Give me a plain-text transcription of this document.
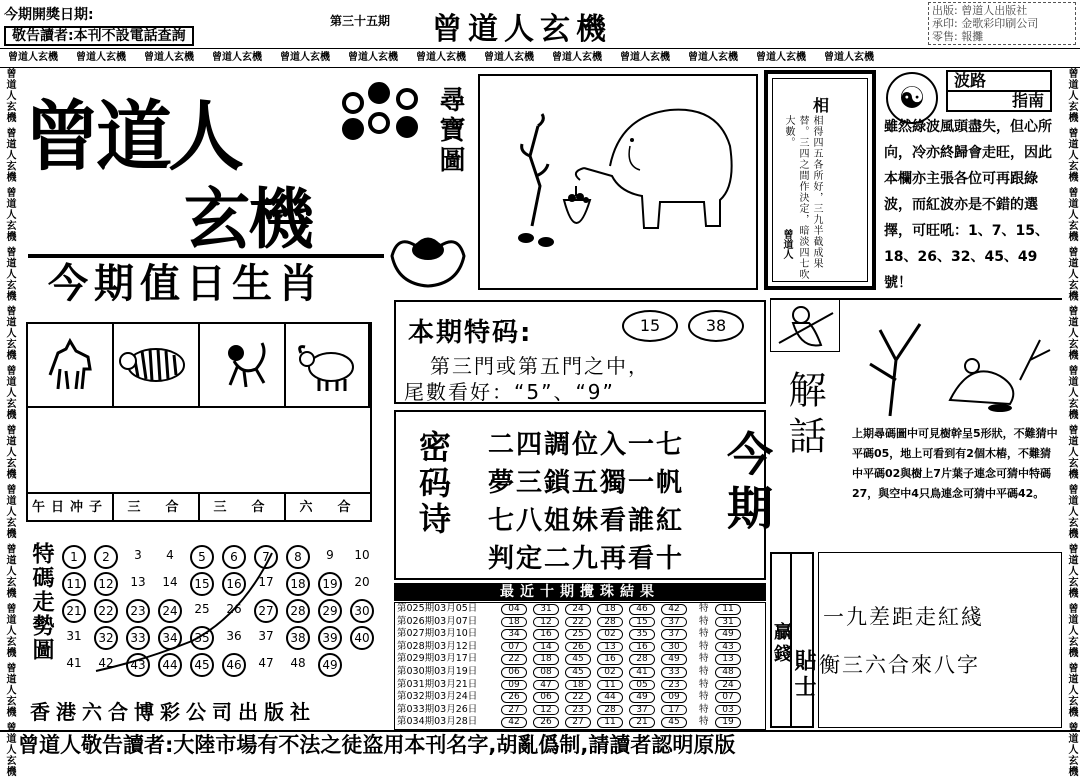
今期開獎日期:
敬告讀者:本刊不設電話查詢
第三十五期 曾道人玄機
出版: 曾道人出版社
承印: 金歌彩印刷公司
零售: 報攤
曾道人玄機 曾道人玄機 曾道人玄機 曾道人玄機 曾道人玄機 曾道人玄機 曾道人玄機 曾道人玄機 曾道人玄機 曾道人玄機 曾道人玄機 曾道人玄機 曾道人玄機
曾道人玄機 曾道人玄機 曾道人玄機 曾道人玄機 曾道人玄機 曾道人玄機 曾道人玄機 曾道人玄機 曾道人玄機 曾道人玄機 曾道人玄機 曾道人玄機
曾道人玄機 曾道人玄機 曾道人玄機 曾道人玄機 曾道人玄機 曾道人玄機 曾道人玄機 曾道人玄機 曾道人玄機 曾道人玄機 曾道人玄機 曾道人玄機
曾道人
玄機
尋寶圖
今期值日生肖
午日冲子	三　合	三　合	六　合
特碼走勢圖	1	2	3	4	5	6	7	8	9	10
11	12	13	14	15	16	17	18	19	20
21	22	23	24	25	26	27	28	29	30
31	32	33	34	35	36	37	38	39	40
41	42	43	44	45	46	47	48	49
香港六合博彩公司出版社
相
相得四五各所好，三九半截成果替。三四之間作決定，暗淡四七吹大數。
曾道人
☯	波路
指南
雖然綠波風頭盡失，但心所向，冷亦終歸會走旺，因此本欄亦主張各位可再跟綠波，而紅波亦是不錯的選擇，可旺吼：1、7、15、18、26、32、45、49號！
本期特码:	15	38
第三門或第五門之中，
尾數看好：“5”、“9”
密码诗 二四調位入一七
夢三鎖五獨一帆
七八姐妹看誰紅
判定二九再看十
今期
最近十期攪珠結果
第025期03月05日	04	31	24	18	46	42	特	11
第026期03月07日	18	12	22	28	15	37	特	31
第027期03月10日	34	16	25	02	35	37	特	49
第028期03月12日	07	14	26	13	16	30	特	43
第029期03月17日	22	18	45	16	28	49	特	13
第030期03月19日	06	08	45	02	41	33	特	48
第031期03月21日	09	47	18	11	05	23	特	24
第032期03月24日	26	06	22	44	49	09	特	07
第033期03月26日	27	12	23	28	37	17	特	03
第034期03月28日	42	26	27	11	21	45	特	19
解話	上期尋碼圖中可見樹幹呈5形狀，不難猜中平碼05，地上可看到有2個木樁，不難猜中平碼02與樹上7片葉子連念可猜中特碼27，與空中4只鳥連念可猜中平碼42。
贏錢
貼士
一九差距走紅綫
衡三六合來八字
曾道人敬告讀者:大陸市場有不法之徒盗用本刊名字,胡亂僞制,請讀者認明原版
